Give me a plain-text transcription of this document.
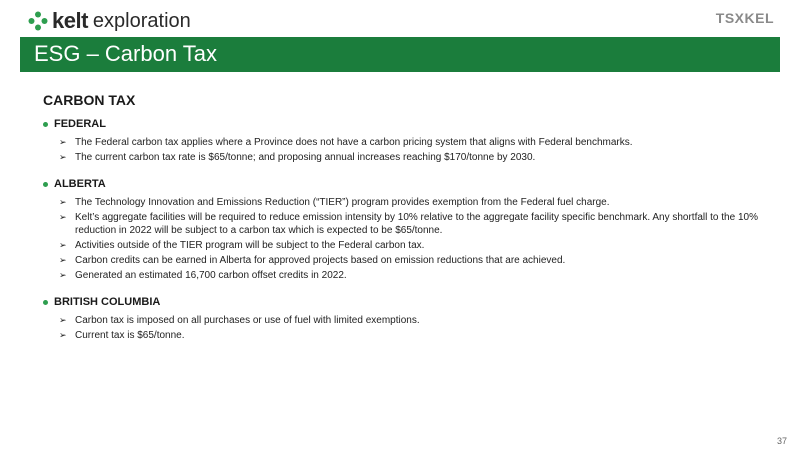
kelt exploration	TSXKEL
ESG – Carbon Tax
CARBON TAX
FEDERAL
➢ The Federal carbon tax applies where a Province does not have a carbon pricing system that aligns with Federal benchmarks.
➢ The current carbon tax rate is $65/tonne; and proposing annual increases reaching $170/tonne by 2030.
ALBERTA
➢ The Technology Innovation and Emissions Reduction (“TIER”) program provides exemption from the Federal fuel charge.
➢ Kelt’s aggregate facilities will be required to reduce emission intensity by 10% relative to the aggregate facility specific benchmark. Any shortfall to the 10% reduction in 2022 will be subject to a carbon tax which is expected to be $65/tonne.
➢ Activities outside of the TIER program will be subject to the Federal carbon tax.
➢ Carbon credits can be earned in Alberta for approved projects based on emission reductions that are achieved.
➢ Generated an estimated 16,700 carbon offset credits in 2022.
BRITISH COLUMBIA
➢ Carbon tax is imposed on all purchases or use of fuel with limited exemptions.
➢ Current tax is $65/tonne.
37
